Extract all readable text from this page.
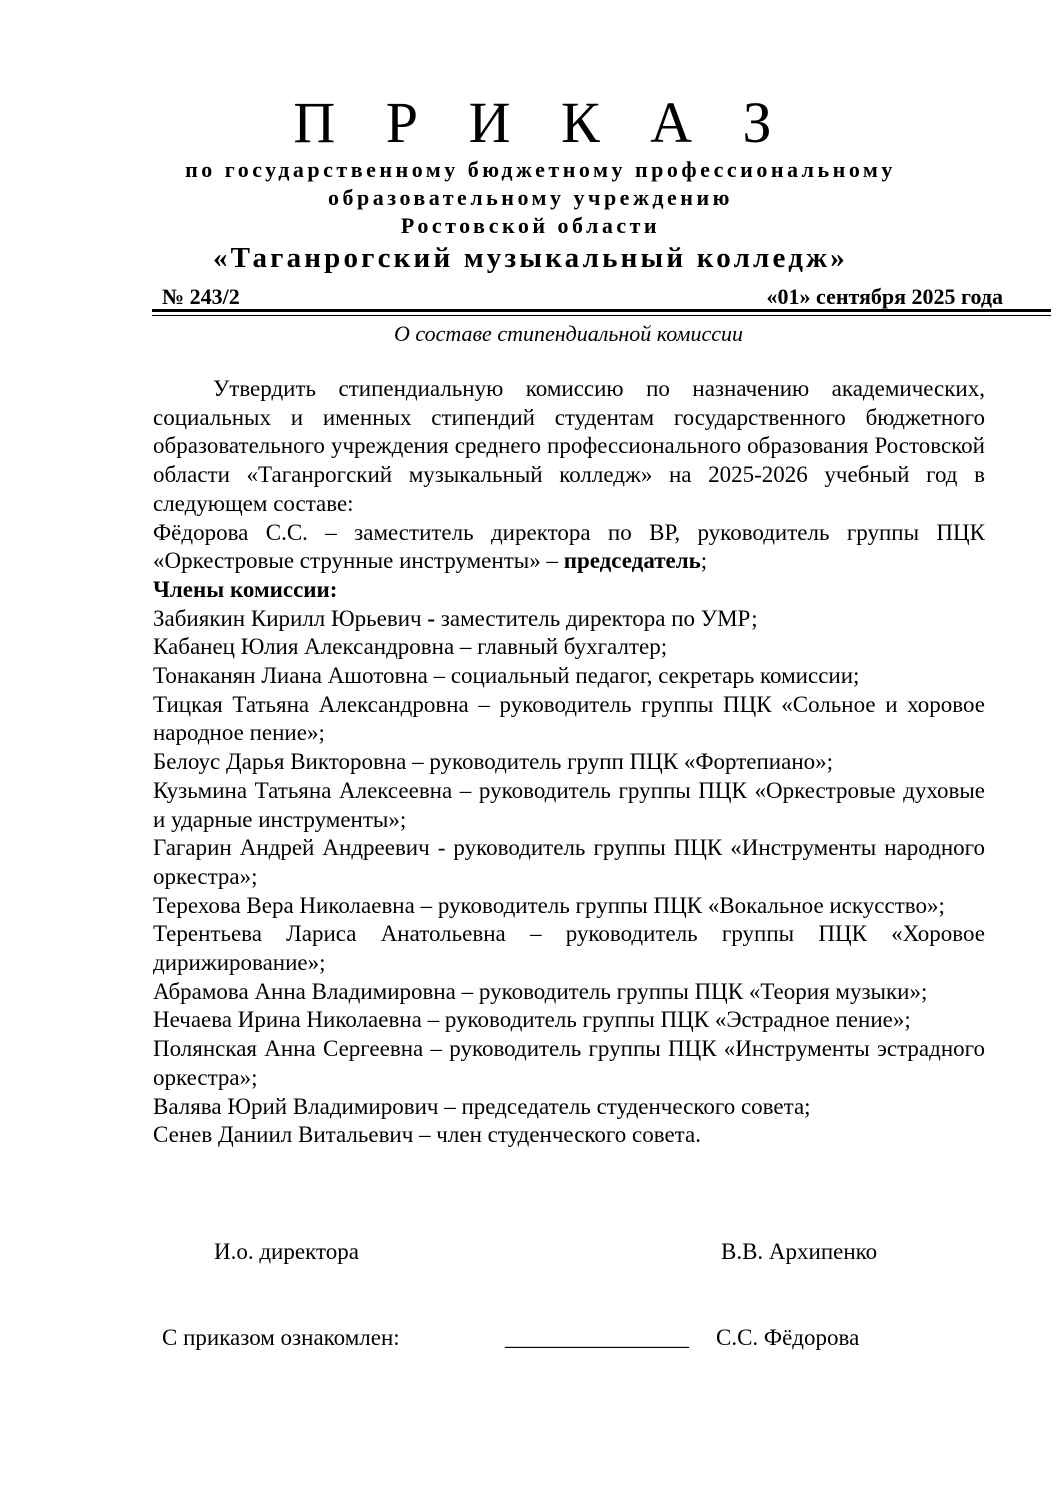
П Р И К А З
по государственному бюджетному профессиональному
образовательному учреждению
Ростовской области
«Таганрогский музыкальный колледж»
№ 243/2	«01» сентября 2025 года
О составе стипендиальной комиссии

Утвердить стипендиальную комиссию по назначению академических, социальных и именных стипендий студентам государственного бюджетного образовательного учреждения среднего профессионального образования Ростовской области «Таганрогский музыкальный колледж» на 2025-2026 учебный год в следующем составе:

Фёдорова С.С. – заместитель директора по ВР, руководитель группы ПЦК «Оркестровые струнные инструменты» – председатель;

Члены комиссии:

Забиякин Кирилл Юрьевич - заместитель директора по УМР;

Кабанец Юлия Александровна – главный бухгалтер;

Тонаканян Лиана Ашотовна – социальный педагог, секретарь комиссии;

Тицкая Татьяна Александровна – руководитель группы ПЦК «Сольное и хоровое народное пение»;

Белоус Дарья Викторовна – руководитель групп ПЦК «Фортепиано»;

Кузьмина Татьяна Алексеевна – руководитель группы ПЦК «Оркестровые духовые и ударные инструменты»;

Гагарин Андрей Андреевич - руководитель группы ПЦК «Инструменты народного оркестра»;

Терехова Вера Николаевна – руководитель группы ПЦК «Вокальное искусство»;

Терентьева Лариса Анатольевна – руководитель группы ПЦК «Хоровое дирижирование»;

Абрамова Анна Владимировна – руководитель группы ПЦК «Теория музыки»;

Нечаева Ирина Николаевна – руководитель группы ПЦК «Эстрадное пение»;

Полянская Анна Сергеевна – руководитель группы ПЦК «Инструменты эстрадного оркестра»;

Валява Юрий Владимирович – председатель студенческого совета;

Сенев Даниил Витальевич – член студенческого совета.

И.о. директора	В.В. Архипенко
С приказом ознакомлен:	________________ С.С. Фёдорова
